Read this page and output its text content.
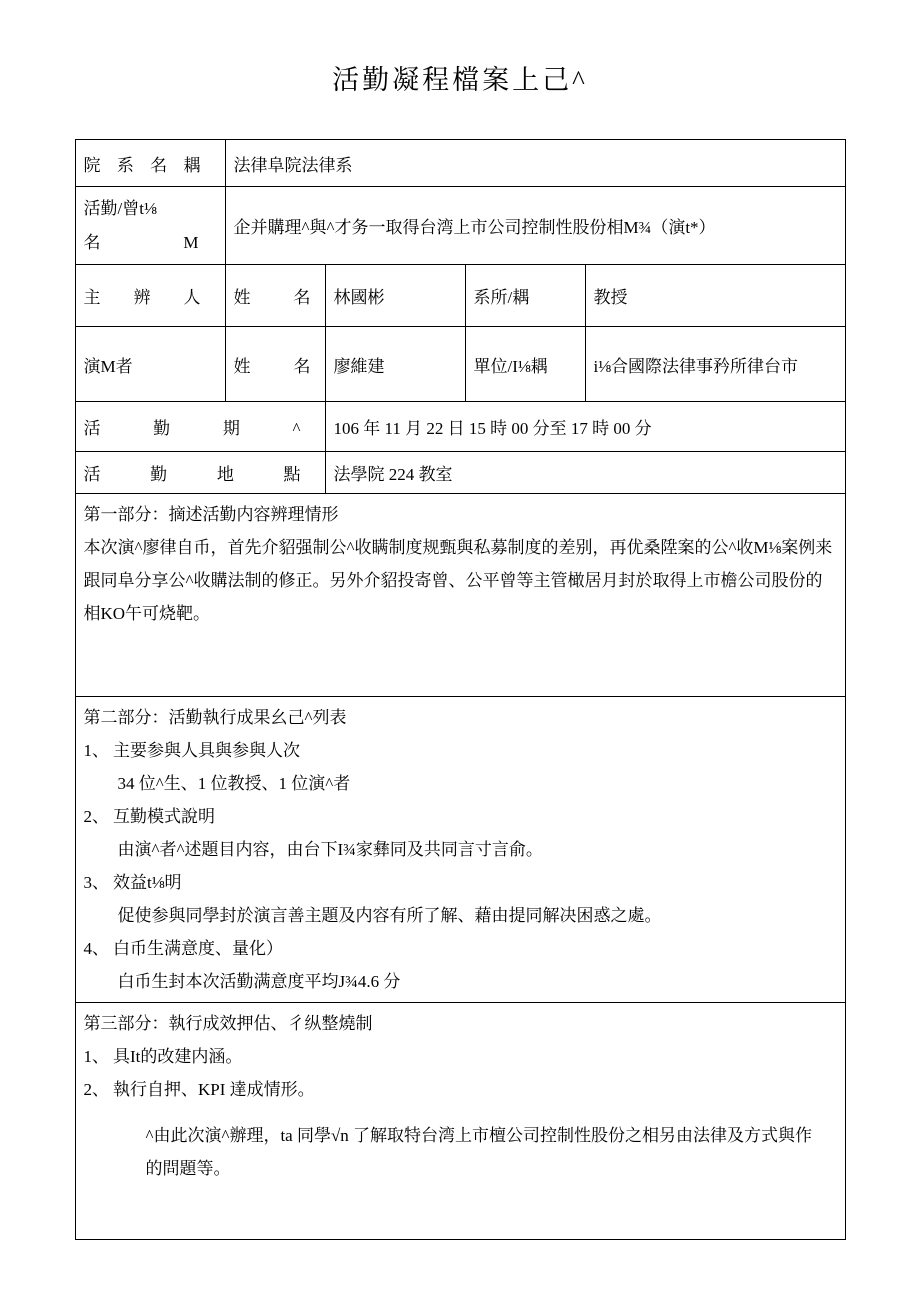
活勤凝程檔案上己^
院 系 名 耦	法律阜院法律系			

活勤/曾t⅛
名 M	企并購理^與^才务一取得台湾上市公司控制性股份相M¾（演t*）			
主 辨 人	姓 名	林國彬	系所/耦	教授
演M者	姓 名	廖維建	單位/I⅛耦	i⅛合國際法律事矜所律台市
活 勤 期 ^		106 年 11 月 22 日 15 時 00 分至 17 時 00 分		
活 勤 地 點		法學院 224 教室		

第一部分：摘述活勤内容辨理情形
本次演^廖律自币，首先介貂强制公^收瞒制度规甄與私募制度的差别，再优桑陞案的公^收M⅛案例来跟同阜分享公^收購法制的修正。另外介貂投寄曾、公平曾等主管橄居月封於取得上市檐公司股份的相KO午可烧靶。				

第二部分：活勤執行成果幺己^列表
1、 主要参與人具與参與人次
34 位^生、1 位教授、1 位演^者
2、 互勤模式說明
由演^者^述題目内容，由台下I¾家彝同及共同言寸言俞。
3、 效益t⅛明
促使参與同學封於演言善主題及内容有所了解、藉由提同解决困惑之處。
4、 白币生满意度、量化）
白币生封本次活勤满意度平均J¾4.6 分

第三部分：執行成效押估、彳纵整燒制
1、 具It的改建内涵。
2、 執行自押、KPI 達成情形。
^由此次演^辦理，ta 同學√n 了解取特台湾上市檀公司控制性股份之相另由法律及方式與作的問題等。				
